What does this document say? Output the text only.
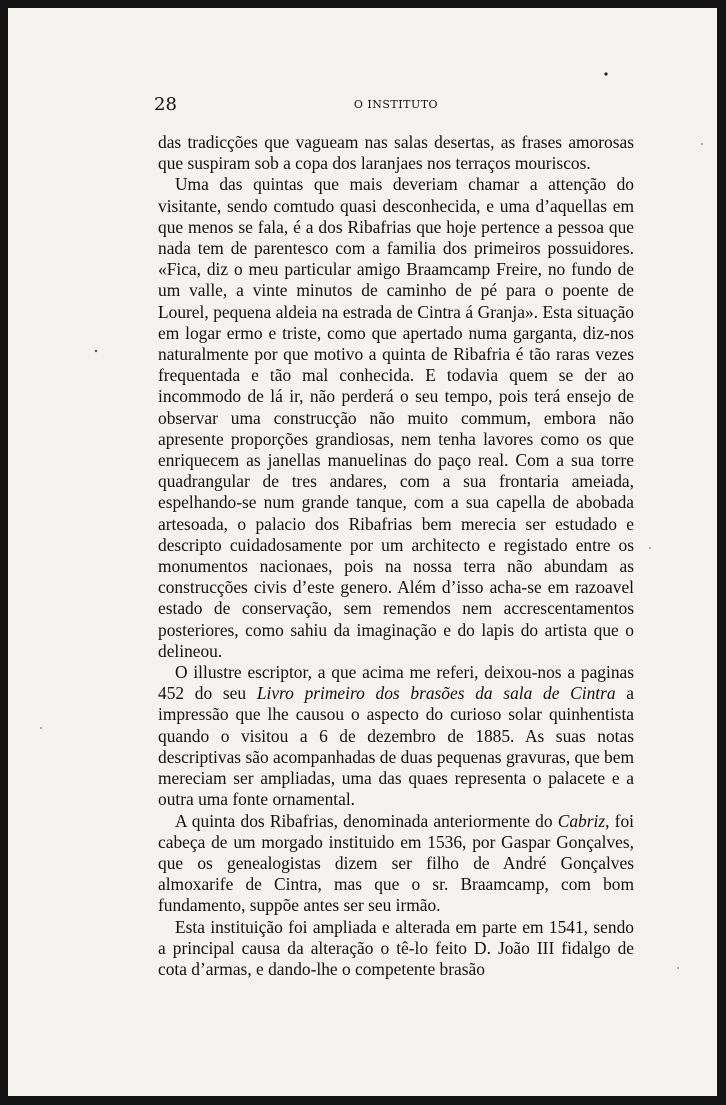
28	O INSTITUTO

das tradicções que vagueam nas salas desertas, as frases amorosas que suspiram sob a copa dos laranjaes nos terraços mouriscos.

Uma das quintas que mais deveriam chamar a attenção do visitante, sendo comtudo quasi desconhecida, e uma d’aquellas em que menos se fala, é a dos Ribafrias que hoje pertence a pessoa que nada tem de parentesco com a familia dos primeiros possuidores. «Fica, diz o meu particular amigo Braamcamp Freire, no fundo de um valle, a vinte minutos de caminho de pé para o poente de Lourel, pequena aldeia na estrada de Cintra á Granja». Esta situação em logar ermo e triste, como que apertado numa garganta, diz-nos naturalmente por que motivo a quinta de Ribafria é tão raras vezes frequentada e tão mal conhecida. E todavia quem se der ao incommodo de lá ir, não perderá o seu tempo, pois terá ensejo de observar uma construcção não muito commum, embora não apresente proporções grandiosas, nem tenha lavores como os que enriquecem as janellas manuelinas do paço real. Com a sua torre quadrangular de tres andares, com a sua frontaria ameiada, espelhando-se num grande tanque, com a sua capella de abobada artesoada, o palacio dos Ribafrias bem merecia ser estudado e descripto cuidadosamente por um architecto e registado entre os monumentos nacionaes, pois na nossa terra não abundam as construcções civis d’este genero. Além d’isso acha-se em razoavel estado de conservação, sem remendos nem accrescentamentos posteriores, como sahiu da imaginação e do lapis do artista que o delineou.

O illustre escriptor, a que acima me referi, deixou-nos a paginas 452 do seu Livro primeiro dos brasões da sala de Cintra a impressão que lhe causou o aspecto do curioso solar quinhentista quando o visitou a 6 de dezembro de 1885. As suas notas descriptivas são acompanhadas de duas pequenas gravuras, que bem mereciam ser ampliadas, uma das quaes representa o palacete e a outra uma fonte ornamental.

A quinta dos Ribafrias, denominada anteriormente do Cabriz, foi cabeça de um morgado instituido em 1536, por Gaspar Gonçalves, que os genealogistas dizem ser filho de André Gonçalves almoxarife de Cintra, mas que o sr. Braamcamp, com bom fundamento, suppõe antes ser seu irmão.

Esta instituição foi ampliada e alterada em parte em 1541, sendo a principal causa da alteração o tê-lo feito D. João III fidalgo de cota d’armas, e dando-lhe o competente brasão
